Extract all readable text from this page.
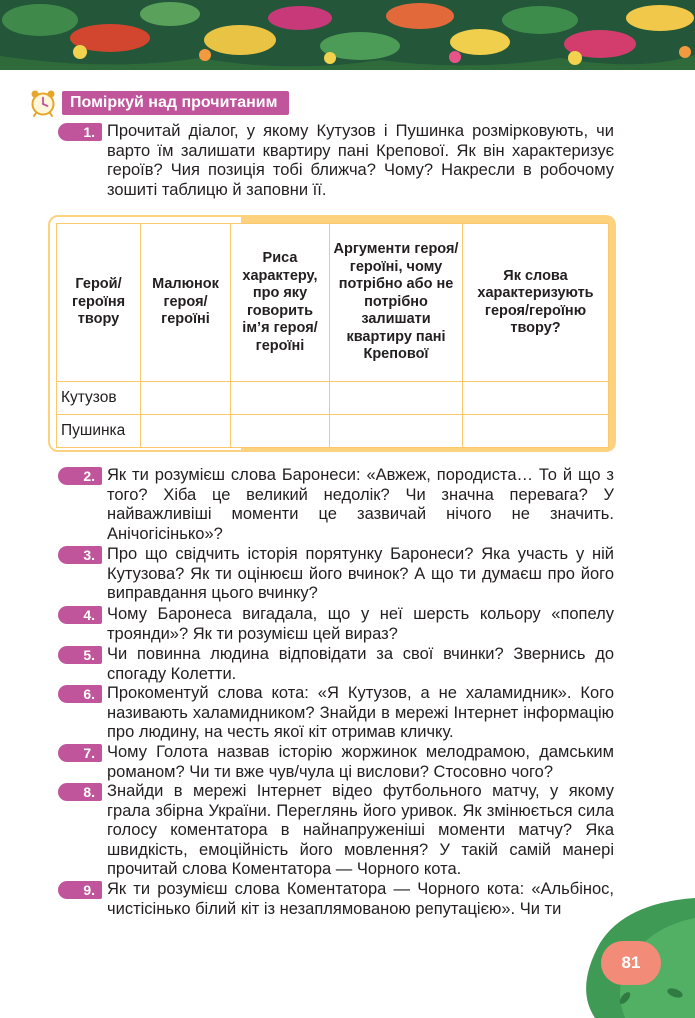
Поміркуй над прочитаним
1. Прочитай діалог, у якому Кутузов і Пушинка розмірковують, чи варто їм залишати квартиру пані Крепової. Як він характеризує героїв? Чия позиція тобі ближча? Чому? Накресли в робочому зошиті таблицю й заповни її.
Герой/ героїня твору	Малюнок героя/ героїні	Риса характеру, про яку говорить ім’я героя/ героїні	Аргументи героя/ героїні, чому потрібно або не потрібно залишати квартиру пані Крепової	Як слова характеризують героя/героїню твору?
Кутузов				
Пушинка				
2. Як ти розумієш слова Баронеси: «Авжеж, породиста… То й що з того? Хіба це великий недолік? Чи значна перевага? У найважливіші моменти це зазвичай нічого не значить. Анічогісінько»?
3. Про що свідчить історія порятунку Баронеси? Яка участь у ній Кутузова? Як ти оцінюєш його вчинок? А що ти думаєш про його виправдання цього вчинку?
4. Чому Баронеса вигадала, що у неї шерсть кольору «попелу троянди»? Як ти розумієш цей вираз?
5. Чи повинна людина відповідати за свої вчинки? Звернись до спогаду Колетти.
6. Прокоментуй слова кота: «Я Кутузов, а не халамидник». Кого називають халамидником? Знайди в мережі Інтернет інформацію про людину, на честь якої кіт отримав кличку.
7. Чому Голота назвав історію жоржинок мелодрамою, дамським романом? Чи ти вже чув/чула ці вислови? Стосовно чого?
8. Знайди в мережі Інтернет відео футбольного матчу, у якому грала збірна України. Переглянь його уривок. Як змінюється сила голосу коментатора в найнапруженіші моменти матчу? Яка швидкість, емоційність його мовлення? У такій самій манері прочитай слова Коментатора — Чорного кота.
9. Як ти розумієш слова Коментатора — Чорного кота: «Альбінос, чистісінько білий кіт із незаплямованою репутацією». Чи ти
81
